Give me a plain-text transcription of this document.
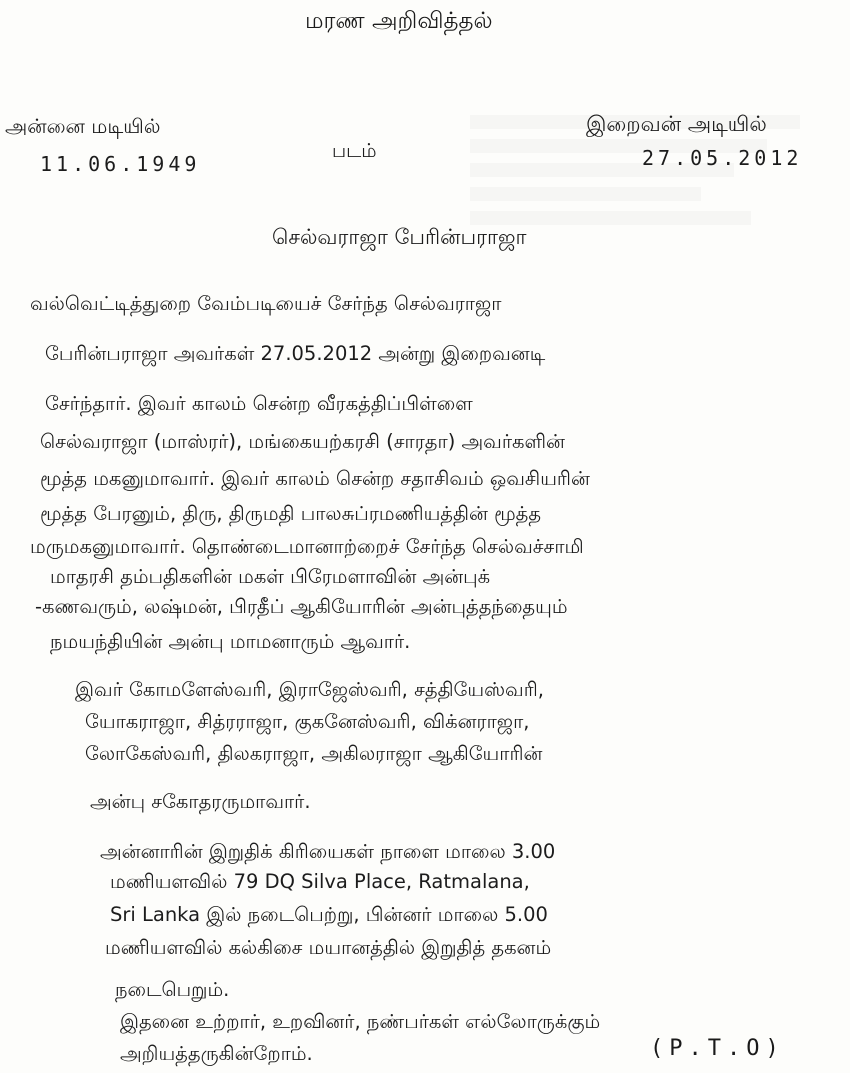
மரண அறிவித்தல்
அன்னை மடியில்
11.06.1949
படம்
இறைவன் அடியில்
27.05.2012
செல்வராஜா பேரின்பராஜா
வல்வெட்டித்துறை வேம்படியைச் சேர்ந்த செல்வராஜா
பேரின்பராஜா அவர்கள் 27.05.2012 அன்று இறைவனடி
சேர்ந்தார். இவர் காலம் சென்ற வீரகத்திப்பிள்ளை
செல்வராஜா (மாஸ்ரர்), மங்கையற்கரசி (சாரதா) அவர்களின்
மூத்த மகனுமாவார். இவர் காலம் சென்ற சதாசிவம் ஒவசியரின்
மூத்த பேரனும், திரு, திருமதி பாலசுப்ரமணியத்தின் மூத்த
மருமகனுமாவார். தொண்டைமானாற்றைச் சேர்ந்த செல்வச்சாமி
மாதரசி தம்பதிகளின் மகள் பிரேமளாவின் அன்புக்
-கணவரும், லஷ்மன், பிரதீப் ஆகியோரின் அன்புத்தந்தையும்
நமயந்தியின் அன்பு மாமனாரும் ஆவார்.
இவர் கோமளேஸ்வரி, இராஜேஸ்வரி, சத்தியேஸ்வரி,
யோகராஜா, சித்ரராஜா, குகனேஸ்வரி, விக்னராஜா,
லோகேஸ்வரி, திலகராஜா, அகிலராஜா ஆகியோரின்
அன்பு சகோதரருமாவார்.
அன்னாரின் இறுதிக் கிரியைகள் நாளை மாலை 3.00
மணியளவில் 79 DQ Silva Place, Ratmalana,
Sri Lanka இல் நடைபெற்று, பின்னர் மாலை 5.00
மணியளவில் கல்கிசை மயானத்தில் இறுதித் தகனம்
நடைபெறும்.
இதனை உற்றார், உறவினர், நண்பர்கள் எல்லோருக்கும்
அறியத்தருகின்றோம்.	(P.T.O)
